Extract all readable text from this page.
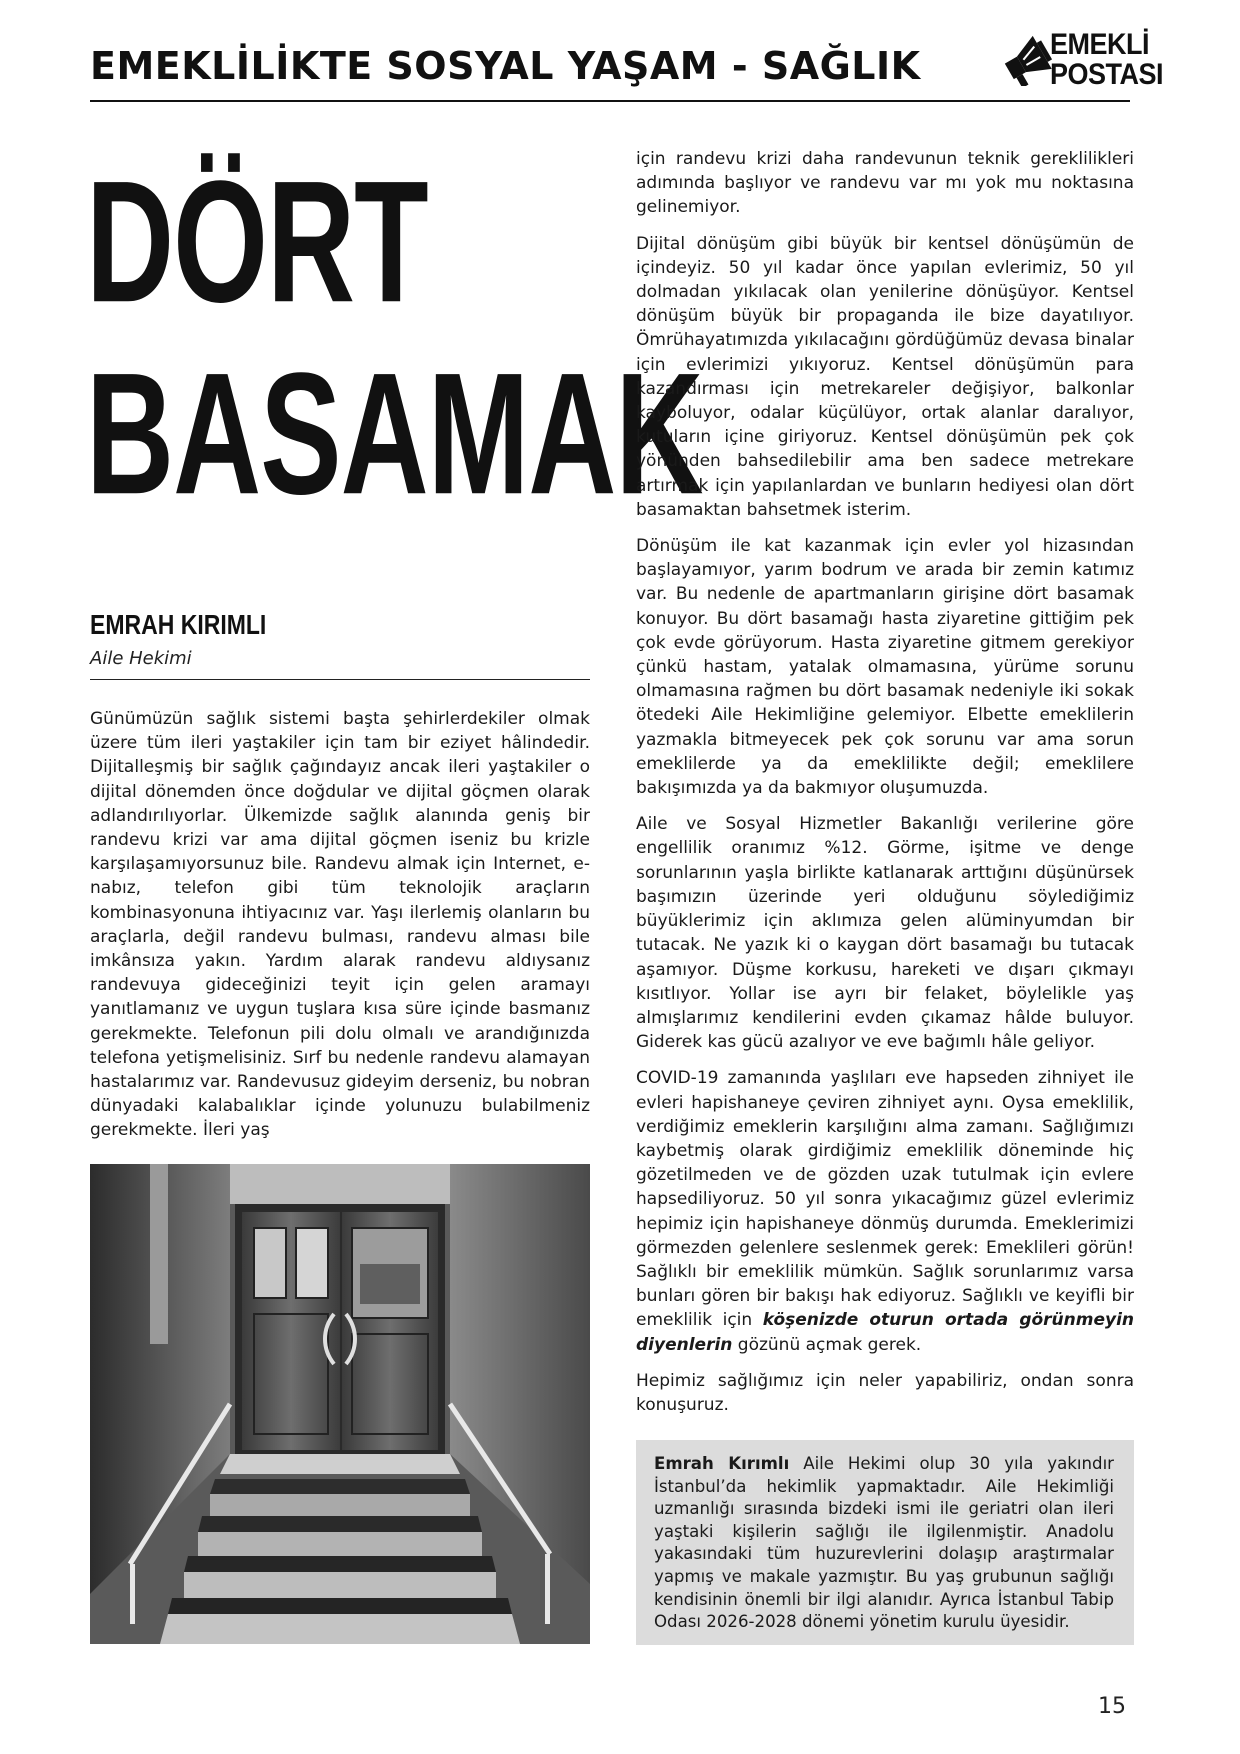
EMEKLİLİKTE SOSYAL YAŞAM - SAĞLIK	EMEKLİ
POSTASI
DÖRT
BASAMAK
EMRAH KIRIMLI
Aile Hekimi

Günümüzün sağlık sistemi başta şehirlerdekiler olmak üzere tüm ileri yaştakiler için tam bir eziyet hâlindedir. Dijitalleşmiş bir sağlık çağındayız ancak ileri yaştakiler o dijital dönemden önce doğdular ve dijital göçmen olarak adlandırılıyorlar. Ülkemizde sağlık alanında geniş bir randevu krizi var ama dijital göçmen iseniz bu krizle karşılaşamıyorsunuz bile. Randevu almak için Internet, e-nabız, telefon gibi tüm teknolojik araçların kombinasyonuna ihtiyacınız var. Yaşı ilerlemiş olanların bu araçlarla, değil randevu bulması, randevu alması bile imkânsıza yakın. Yardım alarak randevu aldıysanız randevuya gideceğinizi teyit için gelen aramayı yanıtlamanız ve uygun tuşlara kısa süre içinde basmanız gerekmekte. Telefonun pili dolu olmalı ve arandığınızda telefona yetişmelisiniz. Sırf bu nedenle randevu alamayan hastalarımız var. Randevusuz gideyim derseniz, bu nobran dünyadaki kalabalıklar içinde yolunuzu bulabilmeniz gerekmekte. İleri yaş

için randevu krizi daha randevunun teknik gereklilikleri adımında başlıyor ve randevu var mı yok mu noktasına gelinemiyor.

Dijital dönüşüm gibi büyük bir kentsel dönüşümün de içindeyiz. 50 yıl kadar önce yapılan evlerimiz, 50 yıl dolmadan yıkılacak olan yenilerine dönüşüyor. Kentsel dönüşüm büyük bir propaganda ile bize dayatılıyor. Ömrühayatımızda yıkılacağını gördüğümüz devasa binalar için evlerimizi yıkıyoruz. Kentsel dönüşümün para kazandırması için metrekareler değişiyor, balkonlar kayboluyor, odalar küçülüyor, ortak alanlar daralıyor, kutuların içine giriyoruz. Kentsel dönüşümün pek çok yönünden bahsedilebilir ama ben sadece metrekare artırmak için yapılanlardan ve bunların hediyesi olan dört basamaktan bahsetmek isterim.

Dönüşüm ile kat kazanmak için evler yol hizasından başlayamıyor, yarım bodrum ve arada bir zemin katımız var. Bu nedenle de apartmanların girişine dört basamak konuyor. Bu dört basamağı hasta ziyaretine gittiğim pek çok evde görüyorum. Hasta ziyaretine gitmem gerekiyor çünkü hastam, yatalak olmamasına, yürüme sorunu olmamasına rağmen bu dört basamak nedeniyle iki sokak ötedeki Aile Hekimliğine gelemiyor. Elbette emeklilerin yazmakla bitmeyecek pek çok sorunu var ama sorun emeklilerde ya da emeklilikte değil; emeklilere bakışımızda ya da bakmıyor oluşumuzda.

Aile ve Sosyal Hizmetler Bakanlığı verilerine göre engellilik oranımız %12. Görme, işitme ve denge sorunlarının yaşla birlikte katlanarak arttığını düşünürsek başımızın üzerinde yeri olduğunu söylediğimiz büyüklerimiz için aklımıza gelen alüminyumdan bir tutacak. Ne yazık ki o kaygan dört basamağı bu tutacak aşamıyor. Düşme korkusu, hareketi ve dışarı çıkmayı kısıtlıyor. Yollar ise ayrı bir felaket, böylelikle yaş almışlarımız kendilerini evden çıkamaz hâlde buluyor. Giderek kas gücü azalıyor ve eve bağımlı hâle geliyor.

COVID-19 zamanında yaşlıları eve hapseden zihniyet ile evleri hapishaneye çeviren zihniyet aynı. Oysa emeklilik, verdiğimiz emeklerin karşılığını alma zamanı. Sağlığımızı kaybetmiş olarak girdiğimiz emeklilik döneminde hiç gözetilmeden ve de gözden uzak tutulmak için evlere hapsediliyoruz. 50 yıl sonra yıkacağımız güzel evlerimiz hepimiz için hapishaneye dönmüş durumda. Emeklerimizi görmezden gelenlere seslenmek gerek: Emeklileri görün! Sağlıklı bir emeklilik mümkün. Sağlık sorunlarımız varsa bunları gören bir bakışı hak ediyoruz. Sağlıklı ve keyifli bir emeklilik için köşenizde oturun ortada görünmeyin diyenlerin gözünü açmak gerek.

Hepimiz sağlığımız için neler yapabiliriz, ondan sonra konuşuruz.

Emrah Kırımlı Aile Hekimi olup 30 yıla yakındır İstanbul’da hekimlik yapmaktadır. Aile Hekimliği uzmanlığı sırasında bizdeki ismi ile geriatri olan ileri yaştaki kişilerin sağlığı ile ilgilenmiştir. Anadolu yakasındaki tüm huzurevlerini dolaşıp araştırmalar yapmış ve makale yazmıştır. Bu yaş grubunun sağlığı kendisinin önemli bir ilgi alanıdır. Ayrıca İstanbul Tabip Odası 2026-2028 dönemi yönetim kurulu üyesidir.
15
